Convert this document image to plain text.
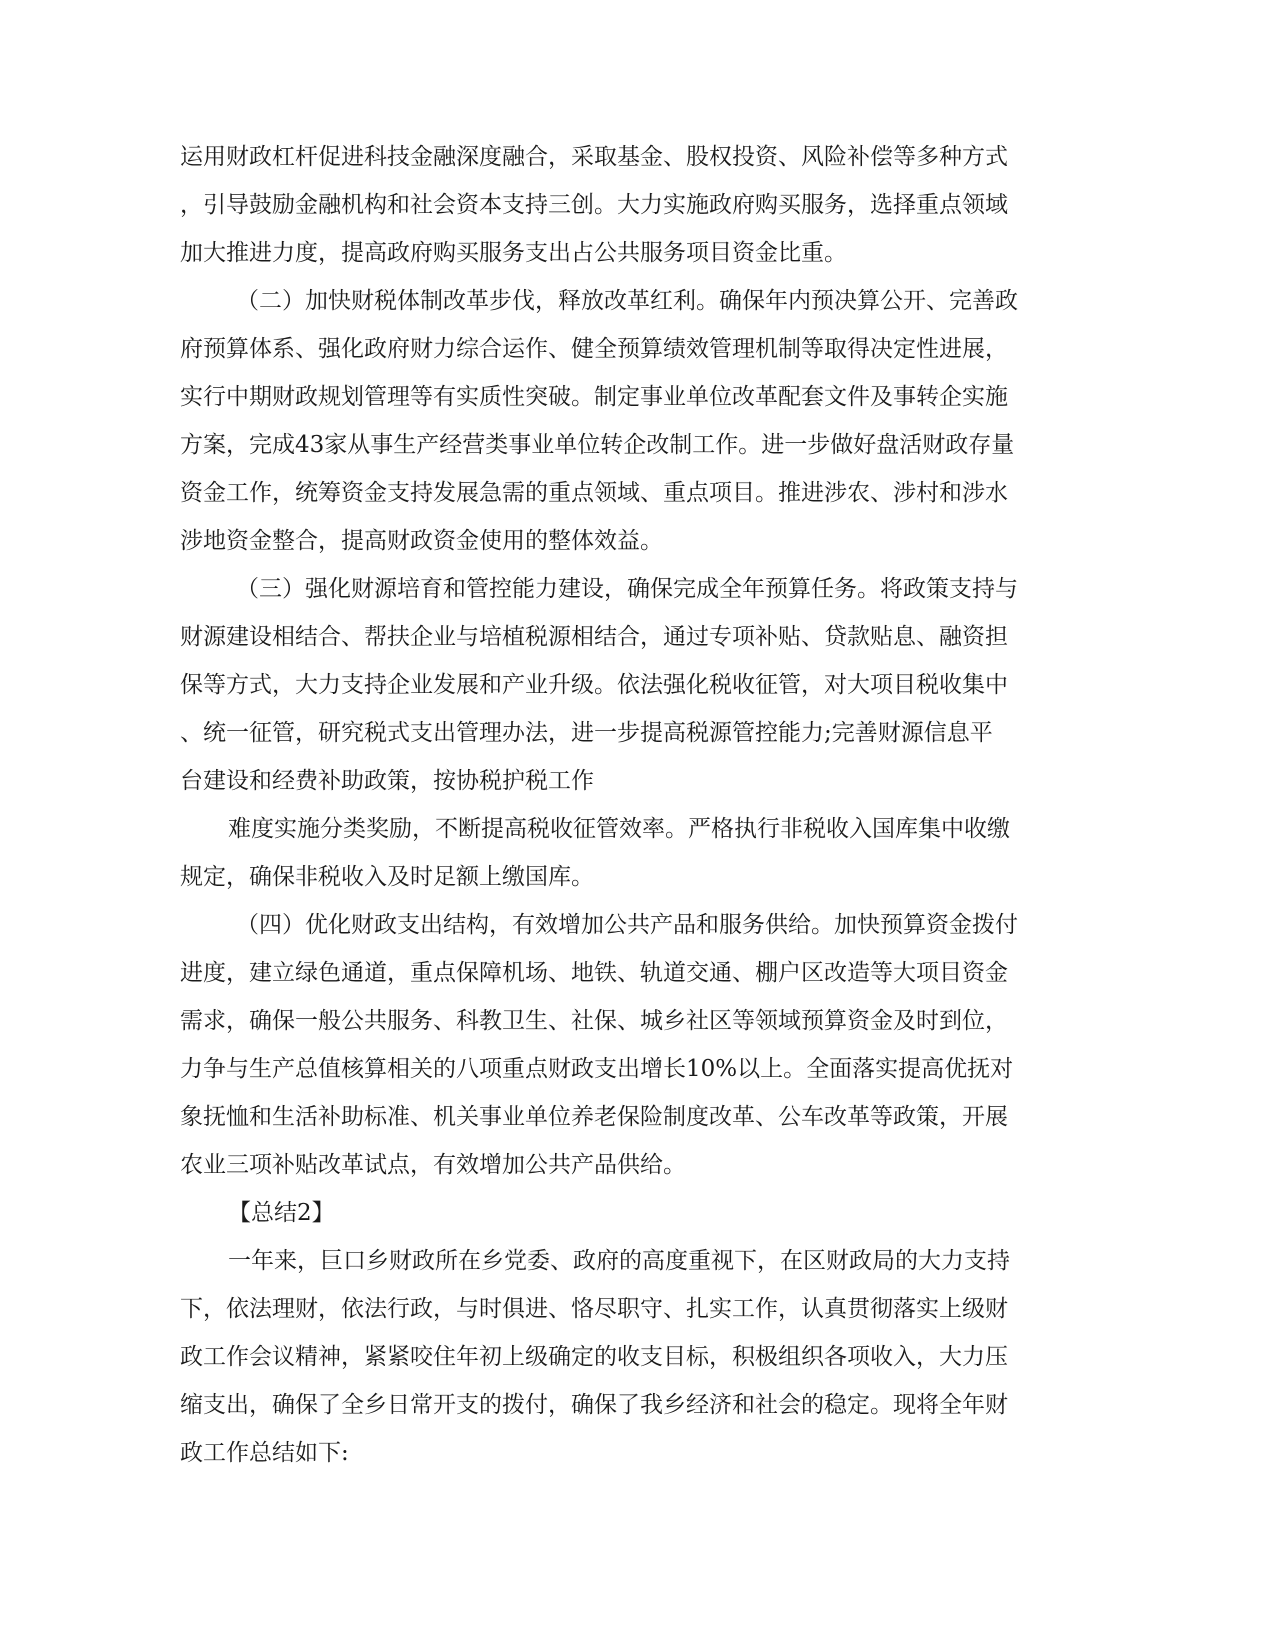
运用财政杠杆促进科技金融深度融合，采取基金、股权投资、风险补偿等多种方式
，引导鼓励金融机构和社会资本支持三创。大力实施政府购买服务，选择重点领域
加大推进力度，提高政府购买服务支出占公共服务项目资金比重。
（二）加快财税体制改革步伐，释放改革红利。确保年内预决算公开、完善政
府预算体系、强化政府财力综合运作、健全预算绩效管理机制等取得决定性进展，
实行中期财政规划管理等有实质性突破。制定事业单位改革配套文件及事转企实施
方案，完成43家从事生产经营类事业单位转企改制工作。进一步做好盘活财政存量
资金工作，统筹资金支持发展急需的重点领域、重点项目。推进涉农、涉村和涉水
涉地资金整合，提高财政资金使用的整体效益。
（三）强化财源培育和管控能力建设，确保完成全年预算任务。将政策支持与
财源建设相结合、帮扶企业与培植税源相结合，通过专项补贴、贷款贴息、融资担
保等方式，大力支持企业发展和产业升级。依法强化税收征管，对大项目税收集中
、统一征管，研究税式支出管理办法，进一步提高税源管控能力;完善财源信息平
台建设和经费补助政策，按协税护税工作
难度实施分类奖励，不断提高税收征管效率。严格执行非税收入国库集中收缴
规定，确保非税收入及时足额上缴国库。
（四）优化财政支出结构，有效增加公共产品和服务供给。加快预算资金拨付
进度，建立绿色通道，重点保障机场、地铁、轨道交通、棚户区改造等大项目资金
需求，确保一般公共服务、科教卫生、社保、城乡社区等领域预算资金及时到位，
力争与生产总值核算相关的八项重点财政支出增长10%以上。全面落实提高优抚对
象抚恤和生活补助标准、机关事业单位养老保险制度改革、公车改革等政策，开展
农业三项补贴改革试点，有效增加公共产品供给。
【总结2】
一年来，巨口乡财政所在乡党委、政府的高度重视下，在区财政局的大力支持
下，依法理财，依法行政，与时俱进、恪尽职守、扎实工作，认真贯彻落实上级财
政工作会议精神，紧紧咬住年初上级确定的收支目标，积极组织各项收入，大力压
缩支出，确保了全乡日常开支的拨付，确保了我乡经济和社会的稳定。现将全年财
政工作总结如下:
